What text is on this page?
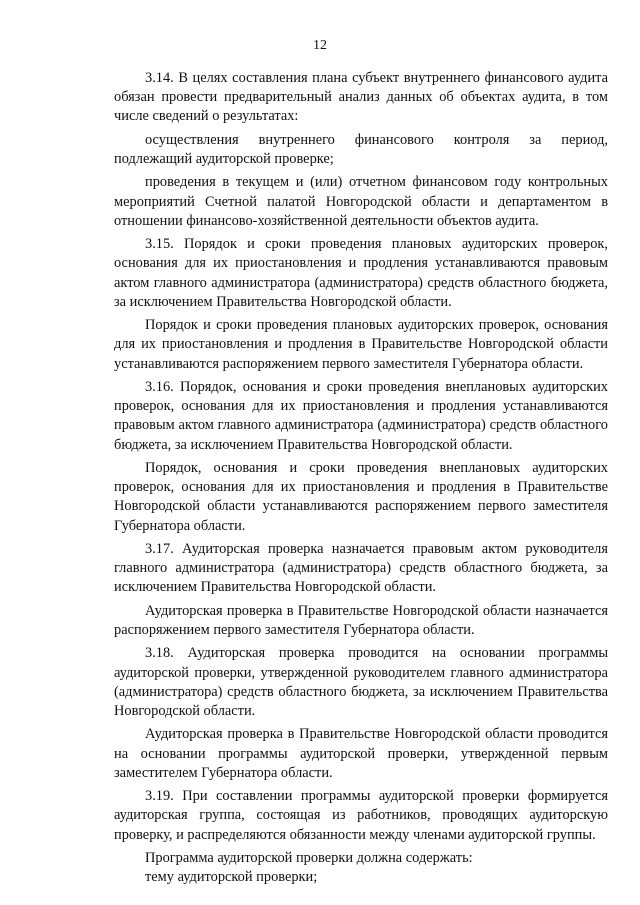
12

3.14. В целях составления плана субъект внутреннего финансового аудита обязан провести предварительный анализ данных об объектах аудита, в том числе сведений о результатах:

осуществления внутреннего финансового контроля за период, подлежащий аудиторской проверке;

проведения в текущем и (или) отчетном финансовом году контрольных мероприятий Счетной палатой Новгородской области и департаментом в отношении финансово-хозяйственной деятельности объектов аудита.

3.15. Порядок и сроки проведения плановых аудиторских проверок, основания для их приостановления и продления устанавливаются правовым актом главного администратора (администратора) средств областного бюджета, за исключением Правительства Новгородской области.

Порядок и сроки проведения плановых аудиторских проверок, основания для их приостановления и продления в Правительстве Новгородской области устанавливаются распоряжением первого заместителя Губернатора области.

3.16. Порядок, основания и сроки проведения внеплановых аудиторских проверок, основания для их приостановления и продления устанавливаются правовым актом главного администратора (администратора) средств областного бюджета, за исключением Правительства Новгородской области.

Порядок, основания и сроки проведения внеплановых аудиторских проверок, основания для их приостановления и продления в Правительстве Новгородской области устанавливаются распоряжением первого заместителя Губернатора области.

3.17. Аудиторская проверка назначается правовым актом руководителя главного администратора (администратора) средств областного бюджета, за исключением Правительства Новгородской области.

Аудиторская проверка в Правительстве Новгородской области назначается распоряжением первого заместителя Губернатора области.

3.18. Аудиторская проверка проводится на основании программы аудиторской проверки, утвержденной руководителем главного администратора (администратора) средств областного бюджета, за исключением Правительства Новгородской области.

Аудиторская проверка в Правительстве Новгородской области проводится на основании программы аудиторской проверки, утвержденной первым заместителем Губернатора области.

3.19. При составлении программы аудиторской проверки формируется аудиторская группа, состоящая из работников, проводящих аудиторскую проверку, и распределяются обязанности между членами аудиторской группы.

Программа аудиторской проверки должна содержать:

тему аудиторской проверки;
